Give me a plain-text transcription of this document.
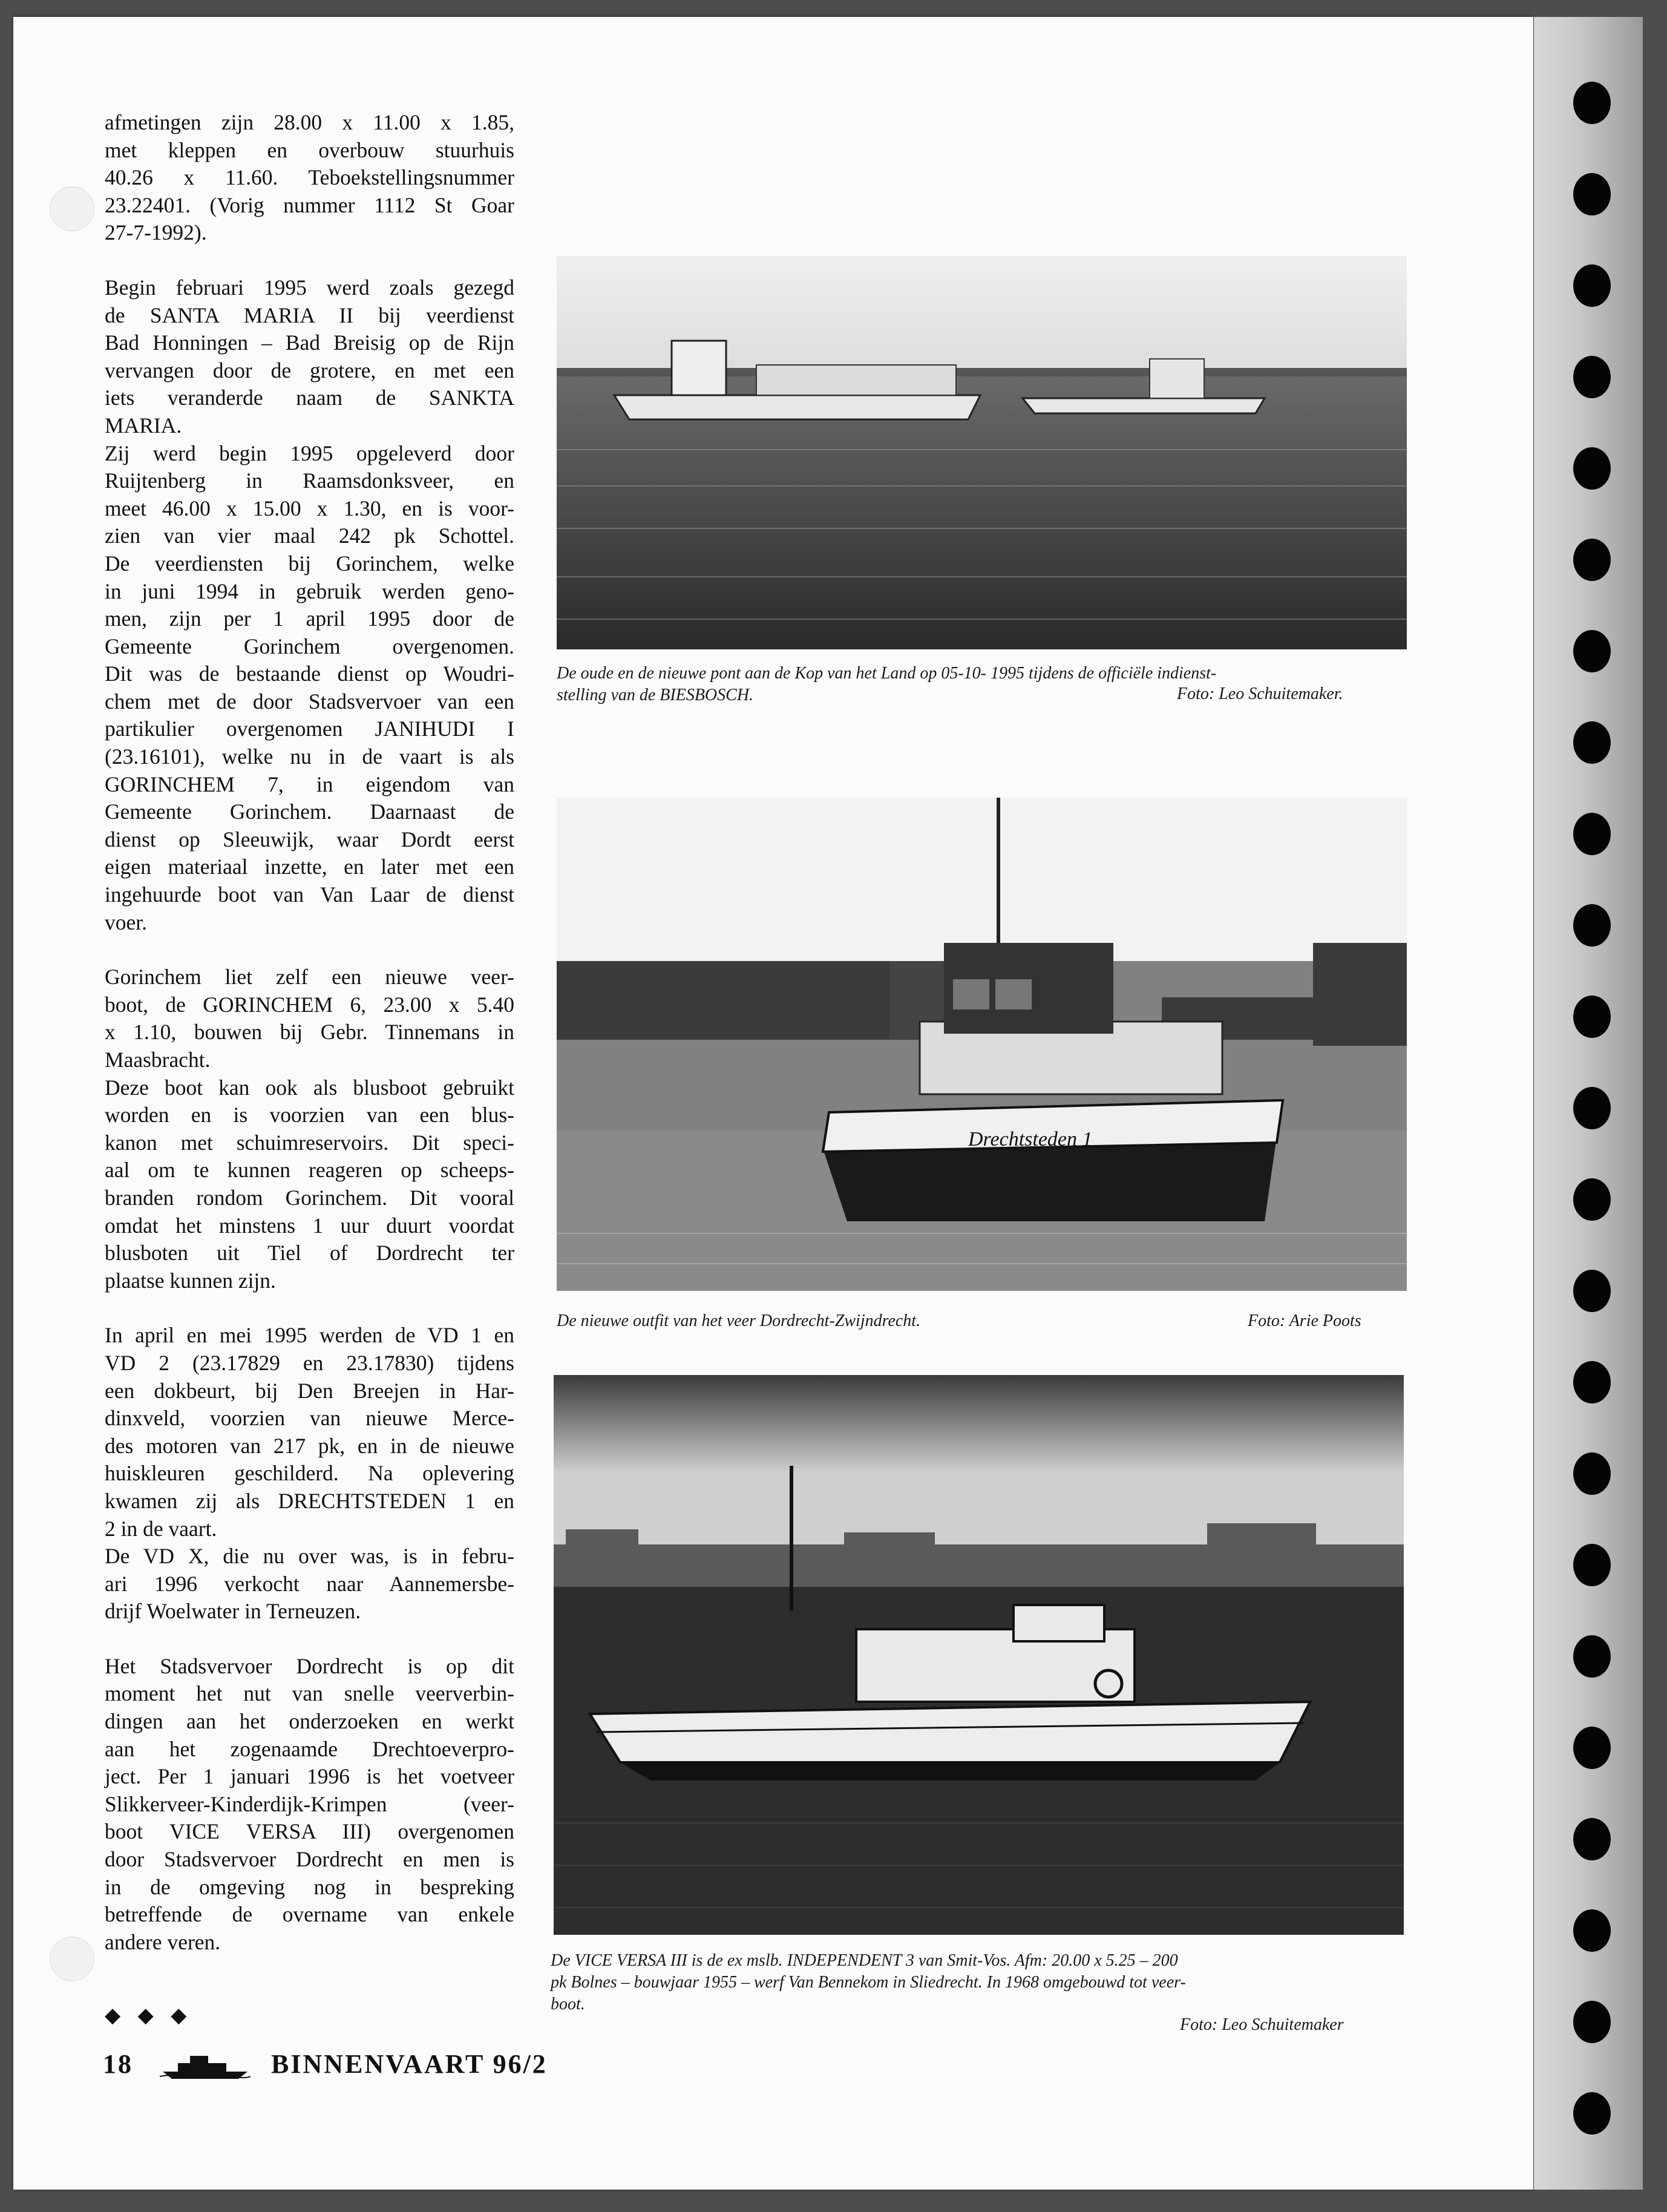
afmetingen zijn 28.00 x 11.00 x 1.85,
met kleppen en overbouw stuurhuis
40.26 x 11.60. Teboekstellingsnummer
23.22401. (Vorig nummer 1112 St Goar
27-7-1992).

Begin februari 1995 werd zoals gezegd
de SANTA MARIA II bij veerdienst
Bad Honningen – Bad Breisig op de Rijn
vervangen door de grotere, en met een
iets veranderde naam de SANKTA
MARIA.
Zij werd begin 1995 opgeleverd door
Ruijtenberg in Raamsdonksveer, en
meet 46.00 x 15.00 x 1.30, en is voor-
zien van vier maal 242 pk Schottel.
De veerdiensten bij Gorinchem, welke
in juni 1994 in gebruik werden geno-
men, zijn per 1 april 1995 door de
Gemeente Gorinchem overgenomen.
Dit was de bestaande dienst op Woudri-
chem met de door Stadsvervoer van een
partikulier overgenomen JANIHUDI I
(23.16101), welke nu in de vaart is als
GORINCHEM 7, in eigendom van
Gemeente Gorinchem. Daarnaast de
dienst op Sleeuwijk, waar Dordt eerst
eigen materiaal inzette, en later met een
ingehuurde boot van Van Laar de dienst
voer.

Gorinchem liet zelf een nieuwe veer-
boot, de GORINCHEM 6, 23.00 x 5.40
x 1.10, bouwen bij Gebr. Tinnemans in
Maasbracht.
Deze boot kan ook als blusboot gebruikt
worden en is voorzien van een blus-
kanon met schuimreservoirs. Dit speci-
aal om te kunnen reageren op scheeps-
branden rondom Gorinchem. Dit vooral
omdat het minstens 1 uur duurt voordat
blusboten uit Tiel of Dordrecht ter
plaatse kunnen zijn.

In april en mei 1995 werden de VD 1 en
VD 2 (23.17829 en 23.17830) tijdens
een dokbeurt, bij Den Breejen in Har-
dinxveld, voorzien van nieuwe Merce-
des motoren van 217 pk, en in de nieuwe
huiskleuren geschilderd. Na oplevering
kwamen zij als DRECHTSTEDEN 1 en
2 in de vaart.
De VD X, die nu over was, is in febru-
ari 1996 verkocht naar Aannemersbe-
drijf Woelwater in Terneuzen.

Het Stadsvervoer Dordrecht is op dit
moment het nut van snelle veerverbin-
dingen aan het onderzoeken en werkt
aan het zogenaamde Drechtoeverpro-
ject. Per 1 januari 1996 is het voetveer
Slikkerveer-Kinderdijk-Krimpen (veer-
boot VICE VERSA III) overgenomen
door Stadsvervoer Dordrecht en men is
in de omgeving nog in bespreking
betreffende de overname van enkele
andere veren.

De oude en de nieuwe pont aan de Kop van het Land op 05-10- 1995 tijdens de officiële indienst-
stelling van de BIESBOSCH.	Foto: Leo Schuitemaker.
Drechtsteden 1
De nieuwe outfit van het veer Dordrecht-Zwijndrecht.	Foto: Arie Poots
De VICE VERSA III is de ex mslb. INDEPENDENT 3 van Smit-Vos. Afm: 20.00 x 5.25 – 200
pk Bolnes – bouwjaar 1955 – werf Van Bennekom in Sliedrecht. In 1968 omgebouwd tot veer-
boot.
Foto: Leo Schuitemaker
◆ ◆ ◆
18	BINNENVAART 96/2
